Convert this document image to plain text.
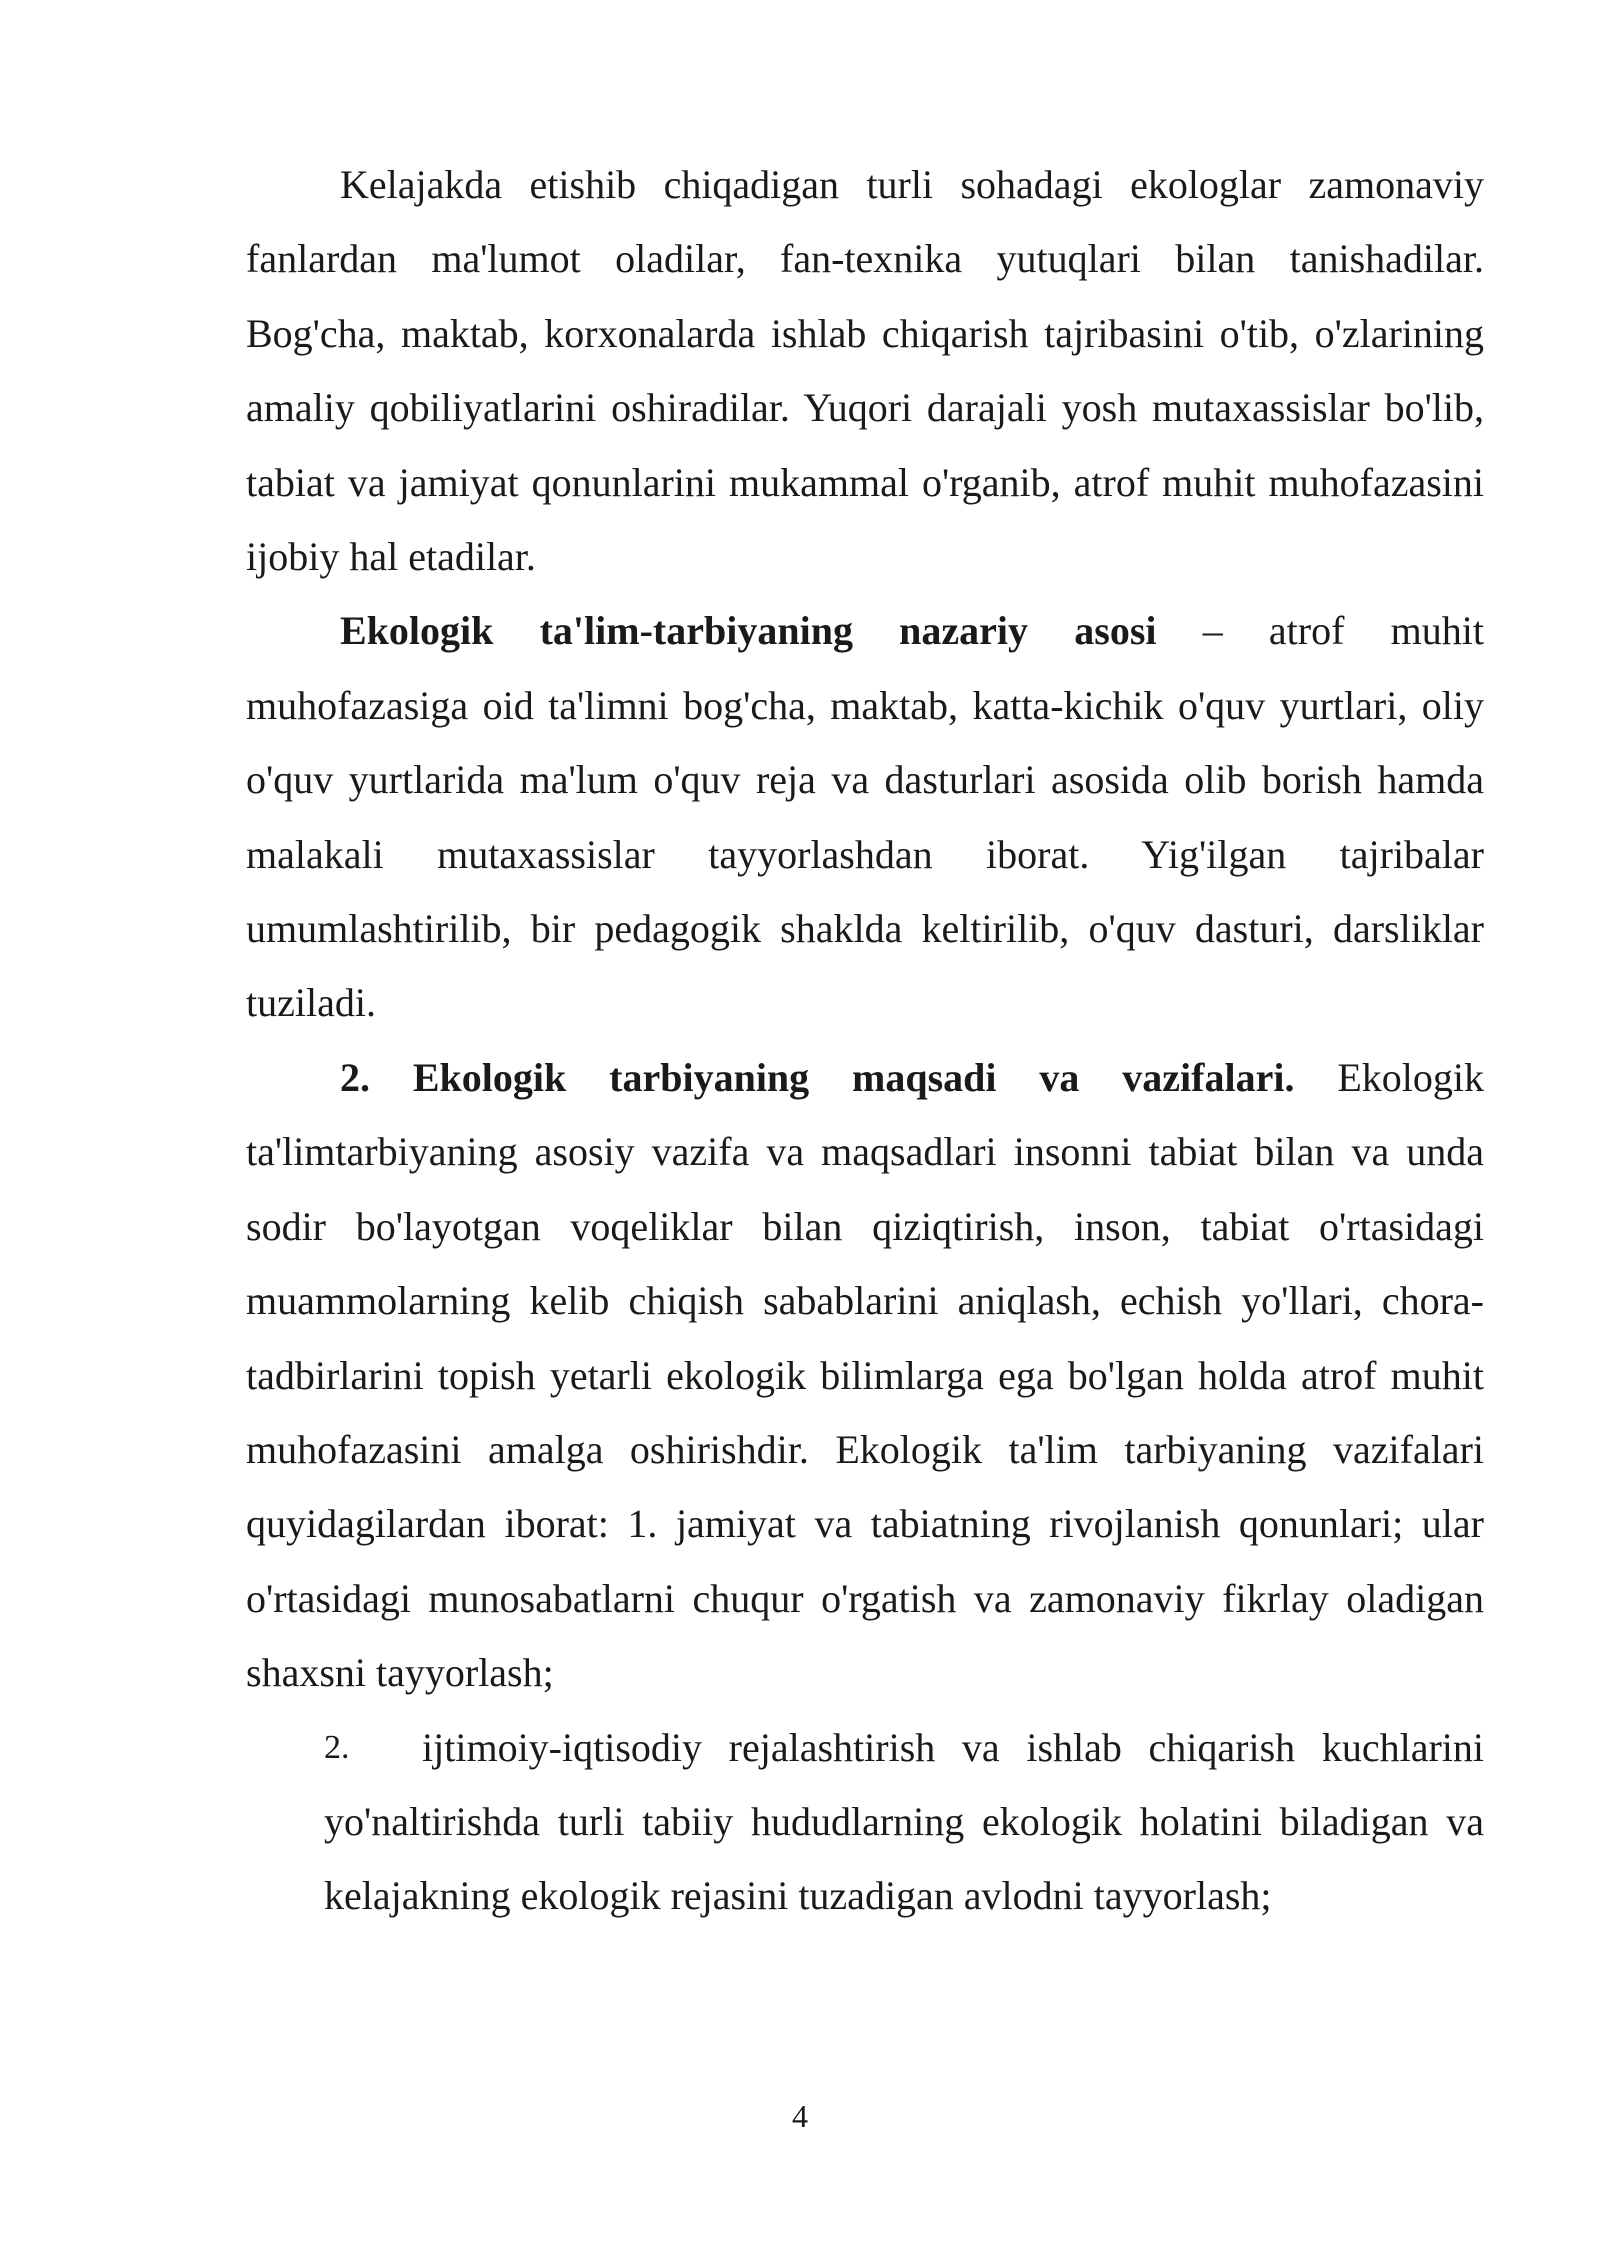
Kelajakda etishib chiqadigan turli sohadagi ekologlar zamonaviy fanlardan ma'lumot oladilar, fan-texnika yutuqlari bilan tanishadilar. Bog'cha, maktab, korxonalarda ishlab chiqarish tajribasini o'tib, o'zlarining amaliy qobiliyatlarini oshiradilar. Yuqori darajali yosh mutaxassislar bo'lib, tabiat va jamiyat qonunlarini mukammal o'rganib, atrof muhit muhofazasini ijobiy hal etadilar.

Ekologik ta'lim-tarbiyaning nazariy asosi – atrof muhit muhofazasiga oid ta'limni bog'cha, maktab, katta-kichik o'quv yurtlari, oliy o'quv yurtlarida ma'lum o'quv reja va dasturlari asosida olib borish hamda malakali mutaxassislar tayyorlashdan iborat. Yig'ilgan tajribalar umumlashtirilib, bir pedagogik shakldа keltirilib, o'quv dasturi, darsliklar tuziladi.

2. Ekologik tarbiyaning maqsadi va vazifalari. Ekologik ta'limtarbiyaning asosiy vazifa va maqsadlari insonni tabiat bilan va unda sodir bo'layotgan voqeliklar bilan qiziqtirish, inson, tabiat o'rtasidagi muammolarning kelib chiqish sabablarini aniqlash, echish yo'llari, chora-tadbirlarini topish yetarli ekologik bilimlarga ega bo'lgan holda atrof muhit muhofazasini amalga oshirishdir. Ekologik ta'lim tarbiyaning vazifalari quyidagilardan iborat: 1. jamiyat va tabiatning rivojlanish qonunlari; ular o'rtasidagi munosabatlarni chuqur o'rgatish va zamonaviy fikrlay oladigan shaxsni tayyorlash;

2.	ijtimoiy-iqtisodiy rejalashtirish va ishlab chiqarish kuchlarini yo'naltirishda turli tabiiy hududlarning ekologik holatini biladigan va kelajakning ekologik rejasini tuzadigan avlodni tayyorlash;
4
